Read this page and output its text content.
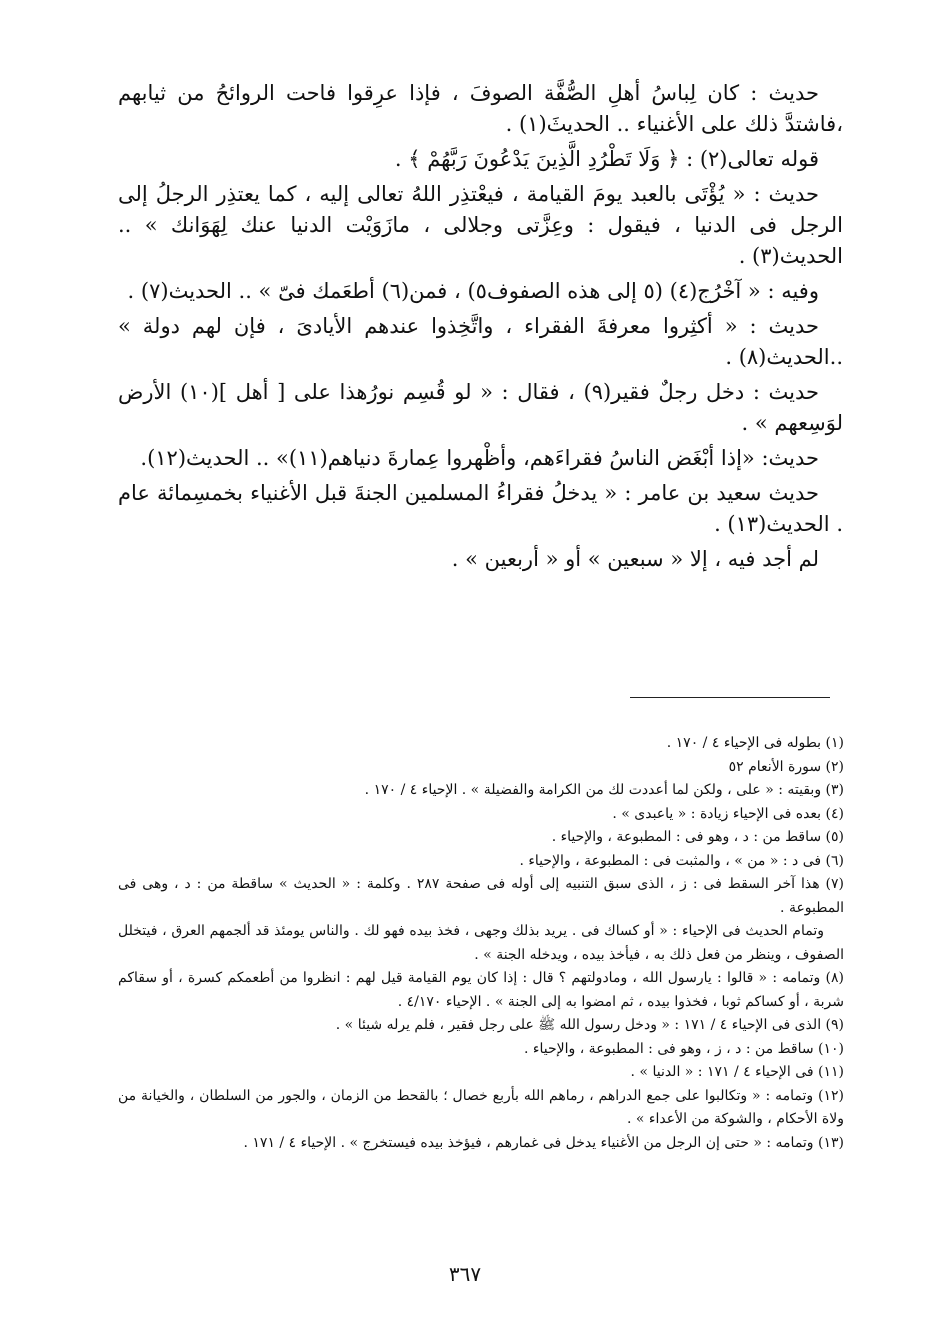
حديث : كان لِباسُ أهلِ الصُّفَّة الصوفَ ، فإذا عرِقوا فاحت الروائحُ من ثيابهم ،فاشتدَّ ذلك على الأغنياء .. الحديثَ(١) .

قوله تعالى(٢) : ﴿ وَلَا تَطْرُدِ الَّذِينَ يَدْعُونَ رَبَّهُمْ ﴾ .

حديث : « يُؤْتَى بالعبد يومَ القيامة ، فيعْتذِر اللهُ تعالى إليه ، كما يعتذِر الرجلُ إلى الرجل فى الدنيا ، فيقول : وعِزَّتى وجلالى ، مازَوَيْت الدنيا عنك لِهَوَانك » .. الحديث(٣) .

وفيه : « آخْرُج(٤) (٥ إلى هذه الصفوف٥) ، فمن(٦) أطعَمك فىّ » .. الحديث(٧) .

حديث : « أكثِروا معرفةَ الفقراء ، واتَّخِذوا عندهم الأيادىَ ، فإن لهم دولة » ..الحديث(٨) .

حديث : دخل رجلٌ فقير(٩) ، فقال : « لو قُسِم نورُهذا على [ أهل ](١٠) الأرض لوَسِعهم » .

حديث: «إذا أبْغَض الناسُ فقراءَهم، وأظْهروا عِمارةَ دنياهم(١١)» .. الحديث(١٢).

حديث سعيد بن عامر : « يدخلُ فقراءُ المسلمين الجنةَ قبل الأغنياء بخمسِمائة عام . الحديث(١٣) .

لم أجد فيه ، إلا « سبعين » أو « أربعين » .

(١) بطوله فى الإحياء ٤ / ١٧٠ .

(٢) سورة الأنعام ٥٢

(٣) وبقيته : « على ، ولكن لما أعددت لك من الكرامة والفضيلة » . الإحياء ٤ / ١٧٠ .

(٤) بعده فى الإحياء زيادة : « ياعبدى » .

(٥) ساقط من : د ، وهو فى : المطبوعة ، والإحياء .

(٦) فى د : « من » ، والمثبت فى : المطبوعة ، والإحياء .

(٧) هذا آخر السقط فى : ز ، الذى سبق التنبيه إلى أوله فى صفحة ٢٨٧ . وكلمة : « الحديث » ساقطة من : د ، وهى فى المطبوعة .

وتمام الحديث فى الإحياء : « أو كساك فى . يريد بذلك وجهى ، فخذ بيده فهو لك . والناس يومئذ قد ألجمهم العرق ، فيتخلل الصفوف ، وينظر من فعل ذلك به ، فيأخذ بيده ، ويدخله الجنة » .

(٨) وتمامه : « قالوا : يارسول الله ، ومادولتهم ؟ قال : إذا كان يوم القيامة قيل لهم : انظروا من أطعمكم كسرة ، أو سقاكم شربة ، أو كساكم ثوبا ، فخذوا بيده ، ثم امضوا به إلى الجنة » . الإحياء ٤/١٧٠ .

(٩) الذى فى الإحياء ٤ / ١٧١ : « ودخل رسول الله ﷺ على رجل فقير ، فلم يرله شيئا » .

(١٠) ساقط من : د ، ز ، وهو فى : المطبوعة ، والإحياء .

(١١) فى الإحياء ٤ / ١٧١ : « الدنيا » .

(١٢) وتمامه : « وتكالبوا على جمع الدراهم ، رماهم الله بأربع خصال ؛ بالقحط من الزمان ، والجور من السلطان ، والخيانة من ولاة الأحكام ، والشوكة من الأعداء » .

(١٣) وتمامه : « حتى إن الرجل من الأغنياء يدخل فى غمارهم ، فيؤخذ بيده فيستخرج » . الإحياء ٤ / ١٧١ .

٣٦٧
